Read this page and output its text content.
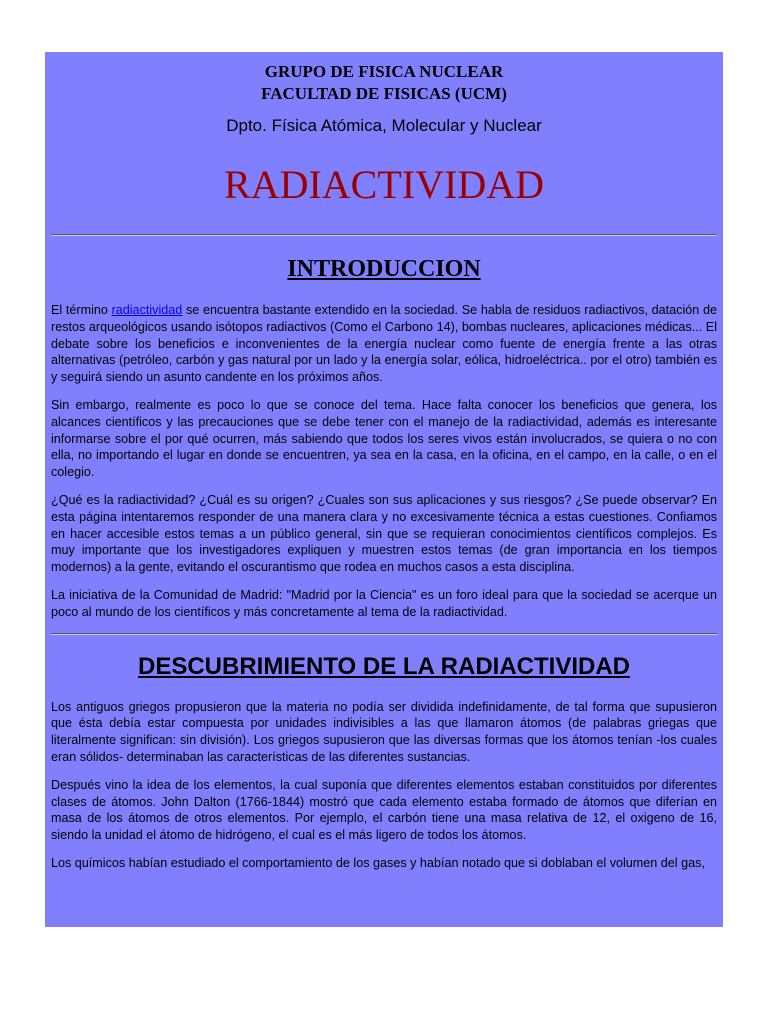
GRUPO DE FISICA NUCLEAR
FACULTAD DE FISICAS (UCM)
Dpto. Física Atómica, Molecular y Nuclear
RADIACTIVIDAD
INTRODUCCION

El término radiactividad se encuentra bastante extendido en la sociedad. Se habla de residuos radiactivos, datación de restos arqueológicos usando isótopos radiactivos (Como el Carbono 14), bombas nucleares, aplicaciones médicas... El debate sobre los beneficios e inconvenientes de la energía nuclear como fuente de energía frente a las otras alternativas (petróleo, carbón y gas natural por un lado y la energía solar, eólica, hidroeléctrica.. por el otro) también es y seguirá siendo un asunto candente en los próximos años.

Sin embargo, realmente es poco lo que se conoce del tema. Hace falta conocer los beneficios que genera, los alcances científicos y las precauciones que se debe tener con el manejo de la radiactividad, además es interesante informarse sobre el por qué ocurren, más sabiendo que todos los seres vivos están involucrados, se quiera o no con ella, no importando el lugar en donde se encuentren, ya sea en la casa, en la oficina, en el campo, en la calle, o en el colegio.

¿Qué es la radiactividad? ¿Cuál es su origen? ¿Cuales son sus aplicaciones y sus riesgos? ¿Se puede observar? En esta página intentaremos responder de una manera clara y no excesivamente técnica a estas cuestiones. Confiamos en hacer accesible estos temas a un público general, sin que se requieran conocimientos científicos complejos. Es muy importante que los investigadores expliquen y muestren estos temas (de gran importancia en los tiempos modernos) a la gente, evitando el oscurantismo que rodea en muchos casos a esta disciplina.

La iniciativa de la Comunidad de Madrid: "Madrid por la Ciencia" es un foro ideal para que la sociedad se acerque un poco al mundo de los científicos y más concretamente al tema de la radiactividad.

DESCUBRIMIENTO DE LA RADIACTIVIDAD

Los antiguos griegos propusieron que la materia no podía ser dividida indefinidamente, de tal forma que supusieron que ésta debía estar compuesta por unidades indivisibles a las que llamaron átomos (de palabras griegas que literalmente significan: sin división). Los griegos supusieron que las diversas formas que los átomos tenían -los cuales eran sólidos- determinaban las características de las diferentes sustancias.

Después vino la idea de los elementos, la cual suponía que diferentes elementos estaban constituidos por diferentes clases de átomos. John Dalton (1766-1844) mostró que cada elemento estaba formado de átomos que diferían en masa de los átomos de otros elementos. Por ejemplo, el carbón tiene una masa relativa de 12, el oxigeno de 16, siendo la unidad el átomo de hidrógeno, el cual es el más ligero de todos los átomos.

Los químicos habían estudiado el comportamiento de los gases y habían notado que si doblaban el volumen del gas,
